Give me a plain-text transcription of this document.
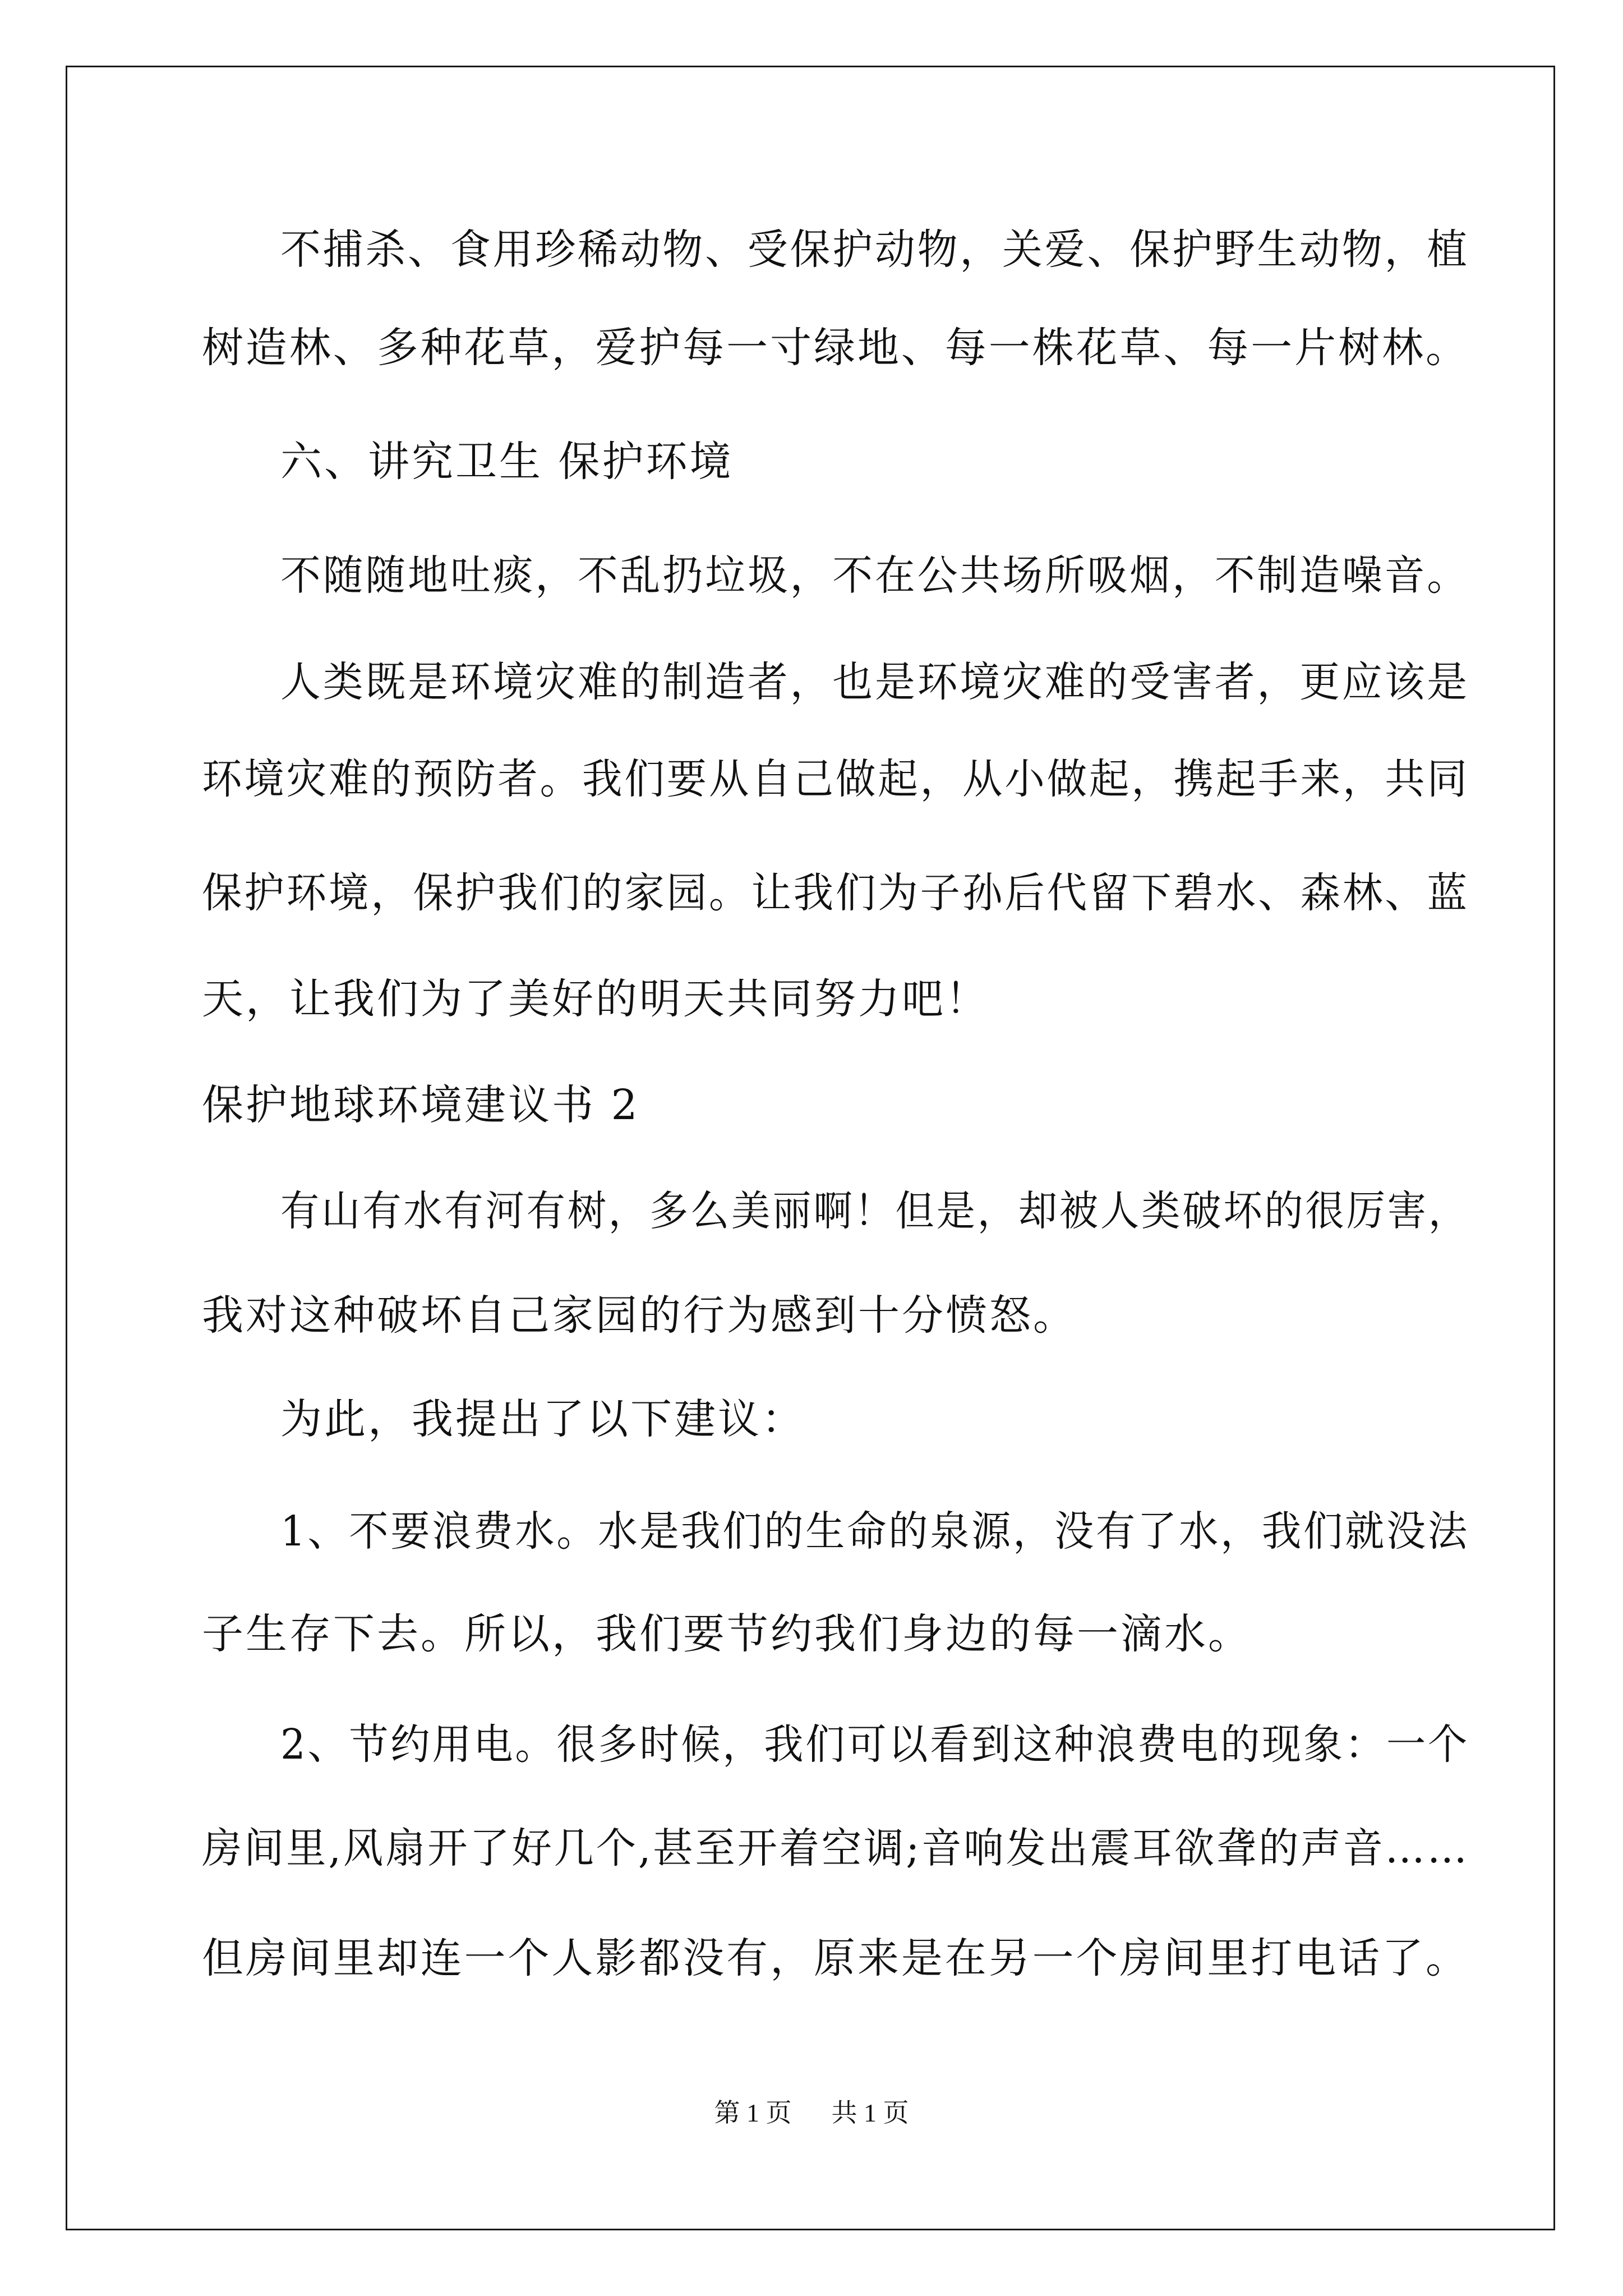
不捕杀、食用珍稀动物、受保护动物，关爱、保护野生动物，植
树造林、多种花草，爱护每一寸绿地、每一株花草、每一片树林。
六、讲究卫生 保护环境
不随随地吐痰，不乱扔垃圾，不在公共场所吸烟，不制造噪音。
人类既是环境灾难的制造者，也是环境灾难的受害者，更应该是
环境灾难的预防者。我们要从自己做起，从小做起，携起手来，共同
保护环境，保护我们的家园。让我们为子孙后代留下碧水、森林、蓝
天，让我们为了美好的明天共同努力吧！
保护地球环境建议书 2
有山有水有河有树，多么美丽啊！但是，却被人类破坏的很厉害，
我对这种破坏自己家园的行为感到十分愤怒。
为此，我提出了以下建议：
1、不要浪费水。水是我们的生命的泉源，没有了水，我们就没法
子生存下去。所以，我们要节约我们身边的每一滴水。
2、节约用电。很多时候，我们可以看到这种浪费电的现象：一个
房间里,风扇开了好几个,甚至开着空调;音响发出震耳欲聋的声音……
但房间里却连一个人影都没有，原来是在另一个房间里打电话了。
第 1 页 共 1 页
